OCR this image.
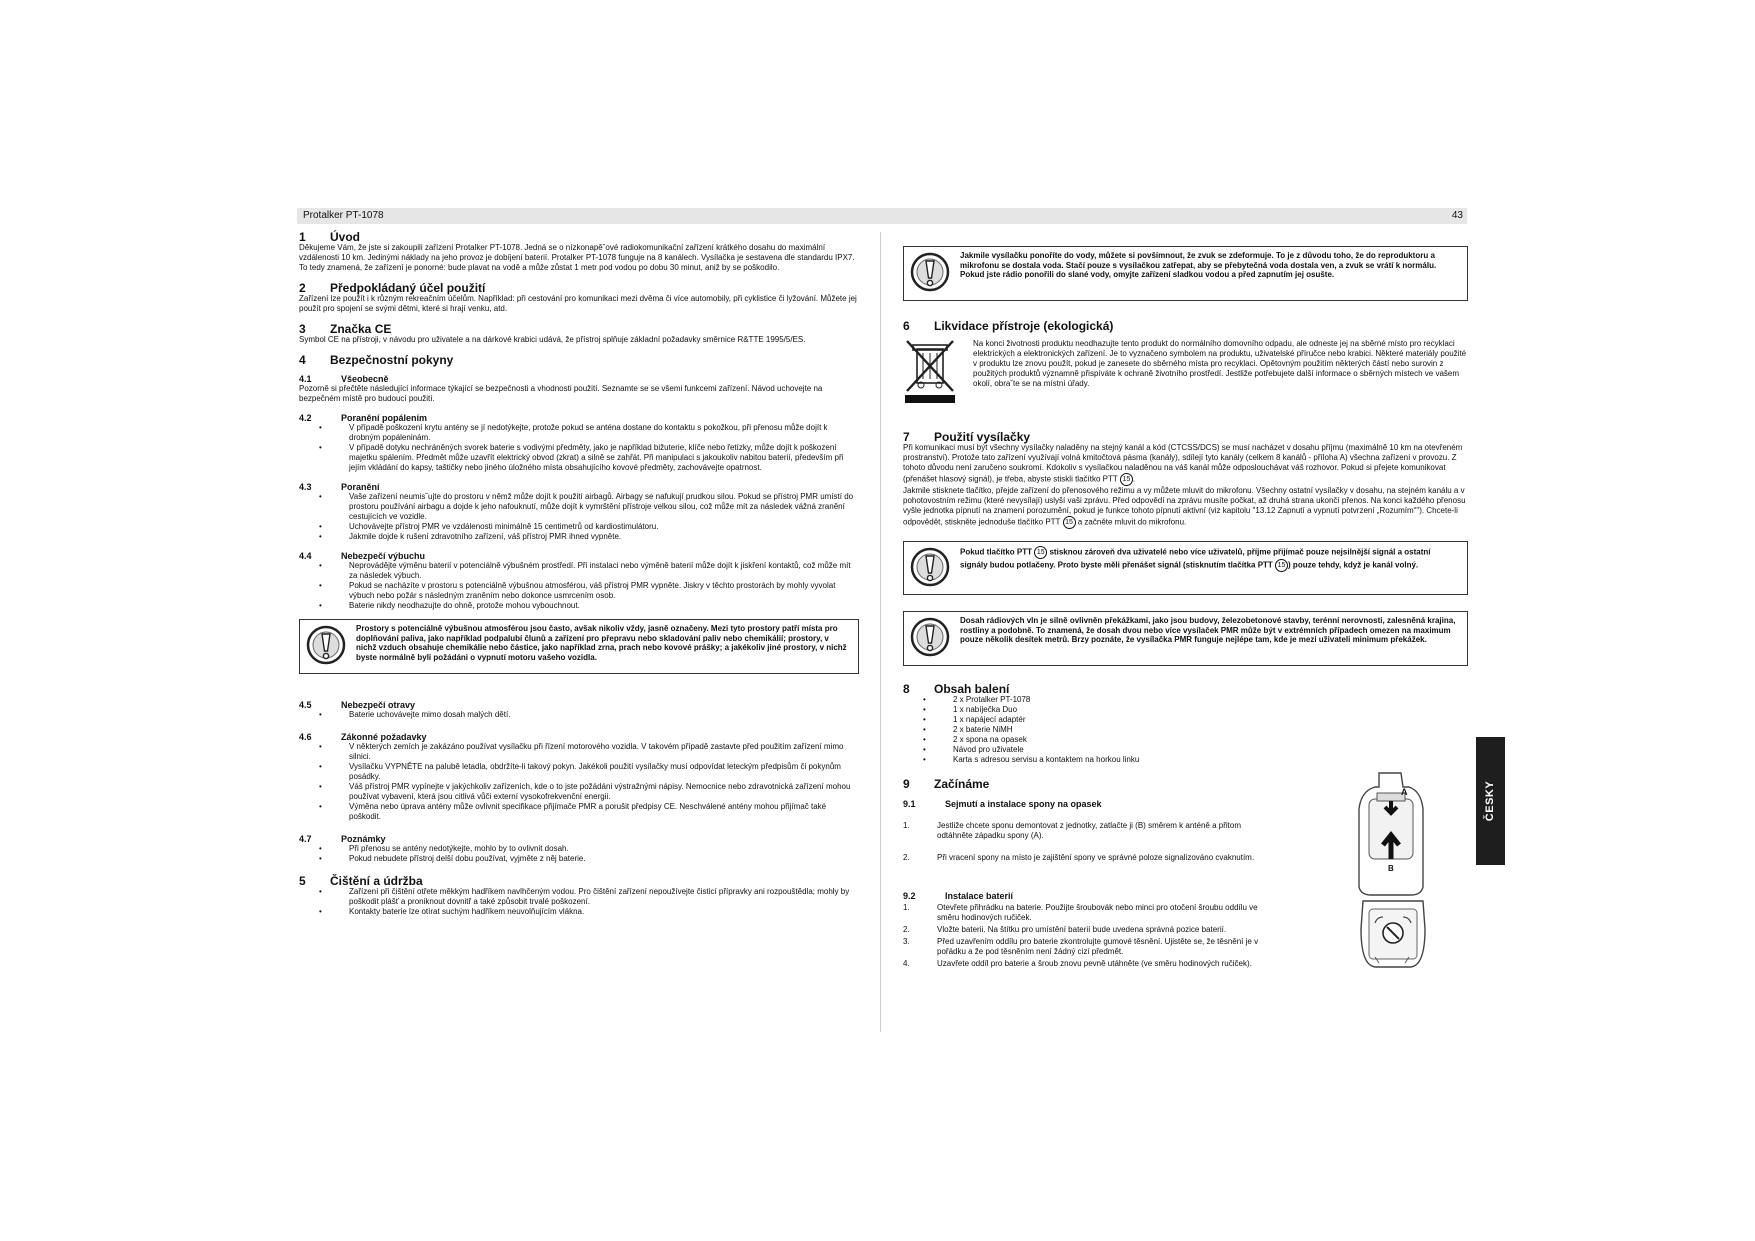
Protalker PT-1078	43
1	Úvod

Děkujeme Vám, že jste si zakoupili zařízení Protalker PT-1078. Jedná se o nízkonapě˘ové radiokomunikační zařízení krátkého dosahu do maximální vzdálenosti 10 km. Jedinými náklady na jeho provoz je dobíjení baterií. Protalker PT-1078 funguje na 8 kanálech. Vysílačka je sestavena dle standardu IPX7. To tedy znamená, že zařízení je ponorné: bude plavat na vodě a může zůstat 1 metr pod vodou po dobu 30 minut, aniž by se poškodilo.

2	Předpokládaný účel použití

Zařízení lze použít i k různým rekreačním účelům. Například: při cestování pro komunikaci mezi dvěma či více automobily, při cyklistice či lyžování. Můžete jej použít pro spojení se svými dětmi, které si hrají venku, atd.

3	Značka CE

Symbol CE na přístroji, v návodu pro uživatele a na dárkové krabici udává, že přístroj splňuje základní požadavky směrnice R&TTE 1995/5/ES.

4	Bezpečnostní pokyny
4.1	Všeobecně

Pozorně si přečtěte následující informace týkající se bezpečnosti a vhodnosti použití. Seznamte se se všemi funkcemi zařízení. Návod uchovejte na bezpečném místě pro budoucí použití.

4.2	Poranění popálením
• V případě poškození krytu antény se jí nedotýkejte, protože pokud se anténa dostane do kontaktu s pokožkou, při přenosu může dojít k drobným popáleninám.
• V případě dotyku nechráněných svorek baterie s vodivými předměty, jako je například bižuterie, klíče nebo řetízky, může dojít k poškození majetku spálením. Předmět může uzavřít elektrický obvod (zkrat) a silně se zahřát. Při manipulaci s jakoukoliv nabitou baterií, především při jejím vkládání do kapsy, taštičky nebo jiného úložného místa obsahujícího kovové předměty, zachovávejte opatrnost.
4.3	Poranění
• Vaše zařízení neumis˘ujte do prostoru v němž může dojít k použití airbagů. Airbagy se nafukují prudkou silou. Pokud se přístroj PMR umístí do prostoru používání airbagu a dojde k jeho nafouknutí, může dojít k vymrštění přístroje velkou silou, což může mít za následek vážná zranění cestujících ve vozidle.
• Uchovávejte přístroj PMR ve vzdálenosti minimálně 15 centimetrů od kardiostimulátoru.
• Jakmile dojde k rušení zdravotního zařízení, váš přístroj PMR ihned vypněte.
4.4	Nebezpečí výbuchu
• Neprovádějte výměnu baterií v potenciálně výbušném prostředí. Při instalaci nebo výměně baterií může dojít k jiskření kontaktů, což může mít za následek výbuch.
• Pokud se nacházíte v prostoru s potenciálně výbušnou atmosférou, váš přístroj PMR vypněte. Jiskry v těchto prostorách by mohly vyvolat výbuch nebo požár s následným zraněním nebo dokonce usmrcením osob.
• Baterie nikdy neodhazujte do ohně, protože mohou vybouchnout.
Prostory s potenciálně výbušnou atmosférou jsou často, avšak nikoliv vždy, jasně označeny. Mezi tyto prostory patří místa pro doplňování paliva, jako například podpalubí člunů a zařízení pro přepravu nebo skladování paliv nebo chemikálií; prostory, v nichž vzduch obsahuje chemikálie nebo částice, jako například zrna, prach nebo kovové prášky; a jakékoliv jiné prostory, v nichž byste normálně byli požádáni o vypnutí motoru vašeho vozidla.
4.5	Nebezpečí otravy
• Baterie uchovávejte mimo dosah malých dětí.
4.6	Zákonné požadavky
• V některých zemích je zakázáno používat vysílačku při řízení motorového vozidla. V takovém případě zastavte před použitím zařízení mimo silnici.
• Vysílačku VYPNĚTE na palubě letadla, obdržíte-li takový pokyn. Jakékoli použití vysílačky musí odpovídat leteckým předpisům či pokynům posádky.
• Váš přístroj PMR vypínejte v jakýchkoliv zařízeních, kde o to jste požádáni výstražnými nápisy. Nemocnice nebo zdravotnická zařízení mohou používat vybavení, která jsou citlivá vůči externí vysokofrekvenční energii.
• Výměna nebo úprava antény může ovlivnit specifikace přijímače PMR a porušit předpisy CE. Neschválené antény mohou přijímač také poškodit.
4.7	Poznámky
• Při přenosu se antény nedotýkejte, mohlo by to ovlivnit dosah.
• Pokud nebudete přístroj delší dobu používat, vyjměte z něj baterie.
5	Čištění a údržba
• Zařízení při čištění otřete měkkým hadříkem navlhčeným vodou. Pro čištění zařízení nepoužívejte čisticí přípravky ani rozpouštědla; mohly by poškodit plášť a proniknout dovnitř a také způsobit trvalé poškození.
• Kontakty baterie lze otírat suchým hadříkem neuvolňujícím vlákna.
Jakmile vysílačku ponoříte do vody, můžete si povšimnout, že zvuk se zdeformuje. To je z důvodu toho, že do reproduktoru a mikrofonu se dostala voda. Stačí pouze s vysílačkou zatřepat, aby se přebytečná voda dostala ven, a zvuk se vrátí k normálu. Pokud jste rádio ponořili do slané vody, omyjte zařízení sladkou vodou a před zapnutím jej osušte.
6	Likvidace přístroje (ekologická)

Na konci životnosti produktu neodhazujte tento produkt do normálního domovního odpadu, ale odneste jej na sběrné místo pro recyklaci elektrických a elektronických zařízení. Je to vyznačeno symbolem na produktu, uživatelské příručce nebo krabici. Některé materiály použité v produktu lze znovu použít, pokud je zanesete do sběrného místa pro recyklaci. Opětovným použitím některých částí nebo surovin z použitých produktů významně přispíváte k ochraně životního prostředí. Jestliže potřebujete další informace o sběrných místech ve vašem okolí, obra˘te se na místní úřady.

7	Použití vysílačky

Při komunikaci musí být všechny vysílačky naladěny na stejný kanál a kód (CTCSS/DCS) se musí nacházet v dosahu příjmu (maximálně 10 km na otevřeném prostranství). Protože tato zařízení využívají volná kmitočtová pásma (kanály), sdílejí tyto kanály (celkem 8 kanálů - příloha A) všechna zařízení v provozu. Z tohoto důvodu není zaručeno soukromí. Kdokoliv s vysílačkou naladěnou na váš kanál může odposlouchávat váš rozhovor. Pokud si přejete komunikovat (přenášet hlasový signál), je třeba, abyste stiskli tlačítko PTT 15 .

Jakmile stisknete tlačítko, přejde zařízení do přenosového režimu a vy můžete mluvit do mikrofonu. Všechny ostatní vysílačky v dosahu, na stejném kanálu a v pohotovostním režimu (které nevysílají) uslyší vaši zprávu. Před odpovědí na zprávu musíte počkat, až druhá strana ukončí přenos. Na konci každého přenosu vyšle jednotka pípnutí na znamení porozumění, pokud je funkce tohoto pípnutí aktivní (viz kapitolu "13.12 Zapnutí a vypnutí potvrzení „Rozumím“"). Chcete-li odpovědět, stiskněte jednoduše tlačítko PTT 15 a začněte mluvit do mikrofonu.

Pokud tlačítko PTT 15 stisknou zároveň dva uživatelé nebo více uživatelů, příjme přijímač pouze nejsilnější signál a ostatní signály budou potlačeny. Proto byste měli přenášet signál (stisknutím tlačítka PTT 15 ) pouze tehdy, když je kanál volný.
Dosah rádiových vln je silně ovlivněn překážkami, jako jsou budovy, železobetonové stavby, terénní nerovnosti, zalesněná krajina, rostliny a podobně. To znamená, že dosah dvou nebo více vysílaček PMR může být v extrémních případech omezen na maximum pouze několik desítek metrů. Brzy poznáte, že vysílačka PMR funguje nejlépe tam, kde je mezi uživateli minimum překážek.
8	Obsah balení
• 2 x Protalker PT-1078
• 1 x nabíječka Duo
• 1 x napájecí adaptér
• 2 x baterie NiMH
• 2 x spona na opasek
• Návod pro uživatele
• Karta s adresou servisu a kontaktem na horkou linku
9	Začínáme
9.1	Sejmutí a instalace spony na opasek
1.	Jestliže chcete sponu demontovat z jednotky, zatlačte ji (B) směrem k anténě a přitom odtáhněte západku spony (A).
2.	Při vracení spony na místo je zajištění spony ve správné poloze signalizováno cvaknutím.
9.2	Instalace baterií
1.	Otevřete přihrádku na baterie. Použijte šroubovák nebo minci pro otočení šroubu oddílu ve směru hodinových ručiček.
2.	Vložte baterii. Na štítku pro umístění baterií bude uvedena správná pozice baterií.
3.	Před uzavřením oddílu pro baterie zkontrolujte gumové těsnění. Ujistěte se, že těsnění je v pořádku a že pod těsněním není žádný cizí předmět.
4.	Uzavřete oddíl pro baterie a šroub znovu pevně utáhněte (ve směru hodinových ručiček).
A
B
ČESKY
